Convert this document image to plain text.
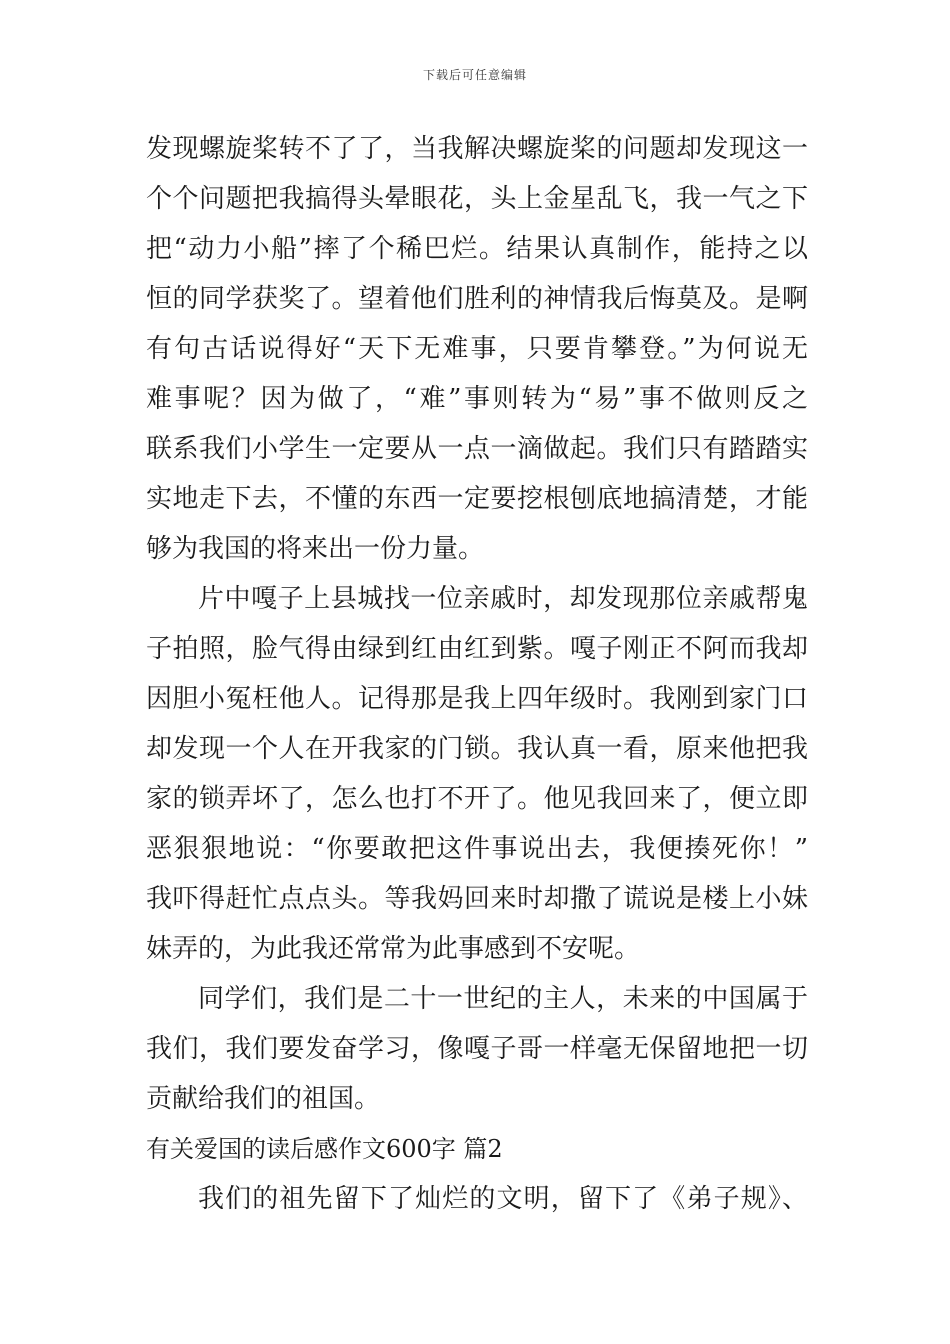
下载后可任意编辑
发现螺旋桨转不了了，当我解决螺旋桨的问题却发现这一
个个问题把我搞得头晕眼花，头上金星乱飞，我一气之下
把“动力小船”摔了个稀巴烂。结果认真制作，能持之以
恒的同学获奖了。望着他们胜利的神情我后悔莫及。是啊
有句古话说得好“天下无难事，只要肯攀登。”为何说无
难事呢？因为做了，“难”事则转为“易”事不做则反之
联系我们小学生一定要从一点一滴做起。我们只有踏踏实
实地走下去，不懂的东西一定要挖根刨底地搞清楚，才能
够为我国的将来出一份力量。
片中嘎子上县城找一位亲戚时，却发现那位亲戚帮鬼
子拍照，脸气得由绿到红由红到紫。嘎子刚正不阿而我却
因胆小冤枉他人。记得那是我上四年级时。我刚到家门口
却发现一个人在开我家的门锁。我认真一看，原来他把我
家的锁弄坏了，怎么也打不开了。他见我回来了，便立即
恶狠狠地说：“你要敢把这件事说出去，我便揍死你！”
我吓得赶忙点点头。等我妈回来时却撒了谎说是楼上小妹
妹弄的，为此我还常常为此事感到不安呢。
同学们，我们是二十一世纪的主人，未来的中国属于
我们，我们要发奋学习，像嘎子哥一样毫无保留地把一切
贡献给我们的祖国。
有关爱国的读后感作文600字 篇2
我们的祖先留下了灿烂的文明，留下了《弟子规》、
